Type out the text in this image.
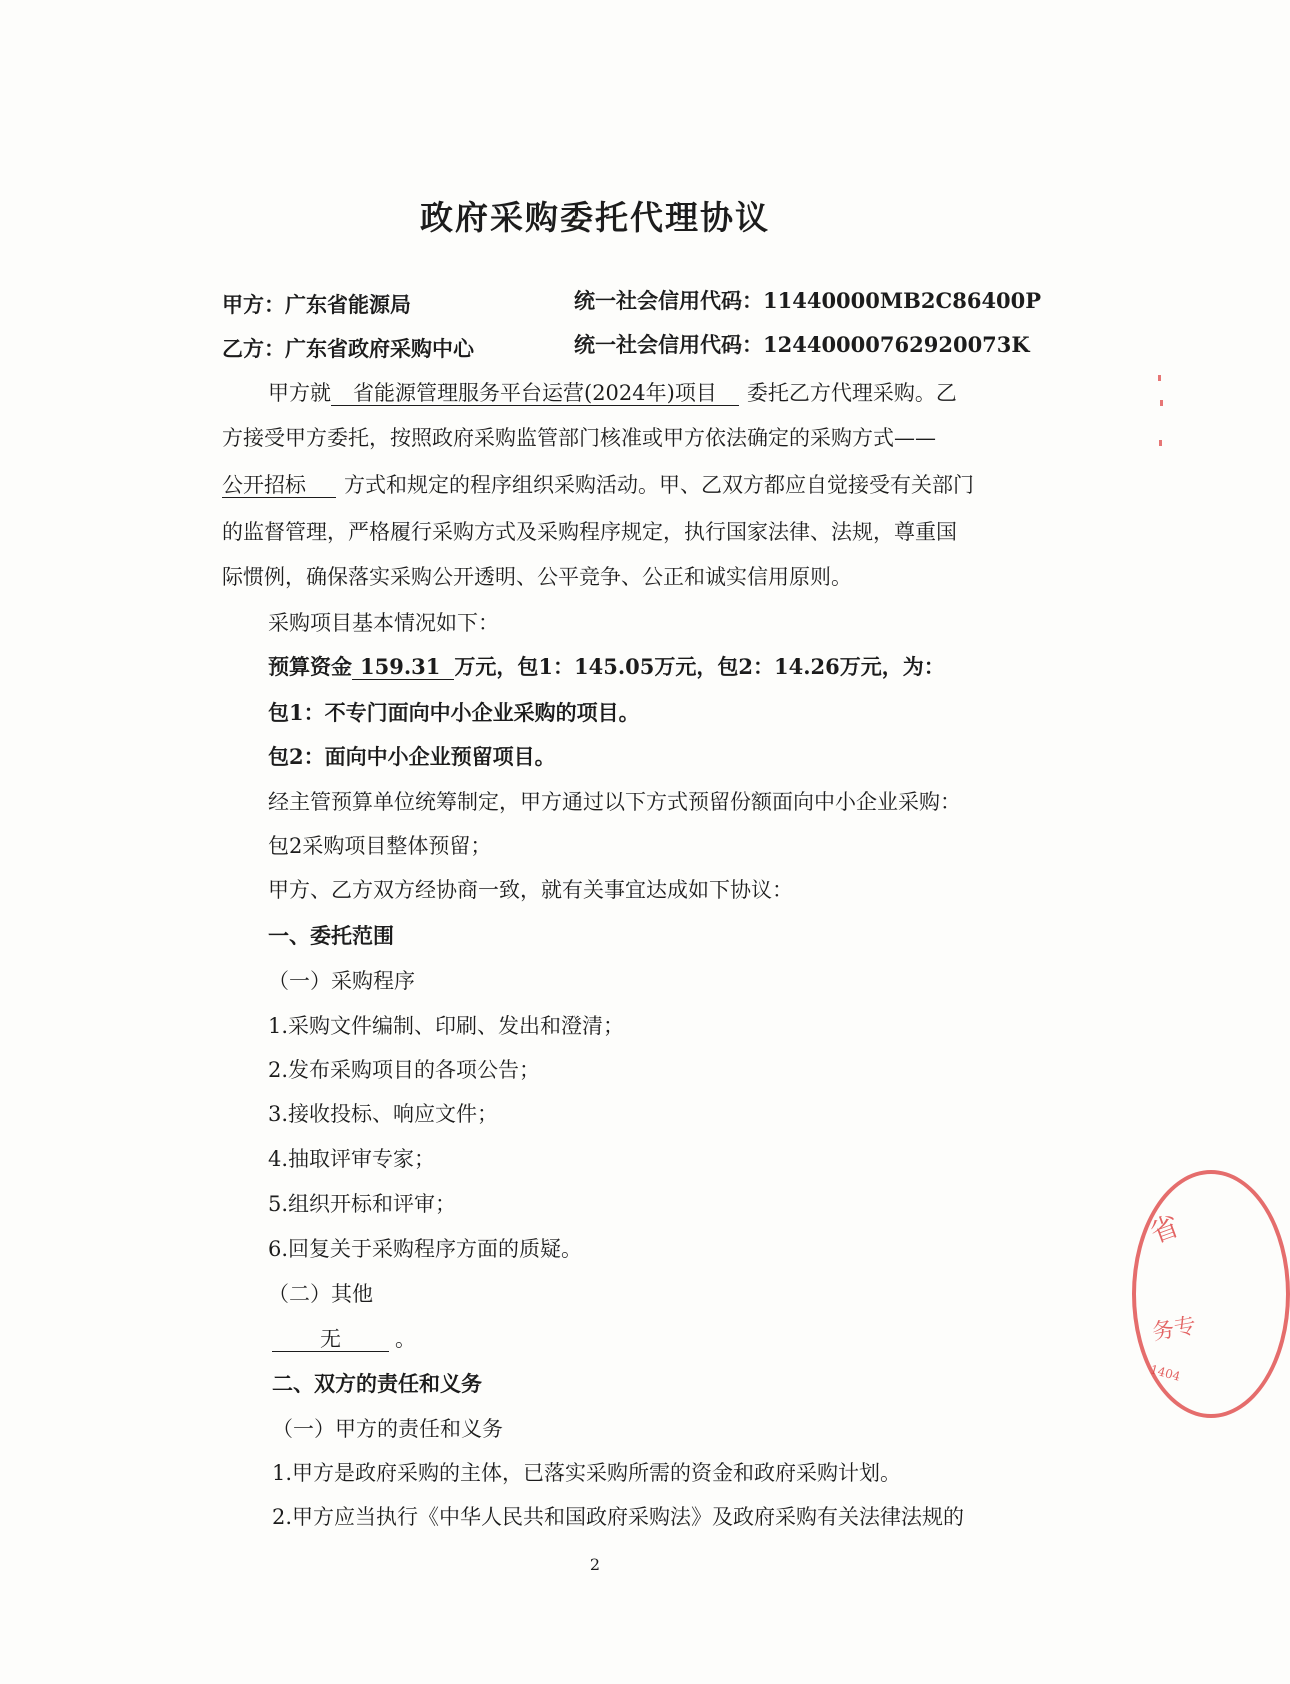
政府采购委托代理协议
甲方：广东省能源局	统一社会信用代码：11440000MB2C86400P
乙方：广东省政府采购中心	统一社会信用代码：12440000762920073K
甲方就 省能源管理服务平台运营(2024年)项目 委托乙方代理采购。乙
方接受甲方委托，按照政府采购监管部门核准或甲方依法确定的采购方式——
公开招标 方式和规定的程序组织采购活动。甲、乙双方都应自觉接受有关部门
的监督管理，严格履行采购方式及采购程序规定，执行国家法律、法规，尊重国
际惯例，确保落实采购公开透明、公平竞争、公正和诚实信用原则。
采购项目基本情况如下：
预算资金 159.31 万元，包1：145.05万元，包2：14.26万元，为：
包1：不专门面向中小企业采购的项目。
包2：面向中小企业预留项目。
经主管预算单位统筹制定，甲方通过以下方式预留份额面向中小企业采购：
包2采购项目整体预留；
甲方、乙方双方经协商一致，就有关事宜达成如下协议：
一、委托范围
（一）采购程序
1.采购文件编制、印刷、发出和澄清；
2.发布采购项目的各项公告；
3.接收投标、响应文件；
4.抽取评审专家；
5.组织开标和评审；
6.回复关于采购程序方面的质疑。
（二）其他
无	。
二、双方的责任和义务
（一）甲方的责任和义务
1.甲方是政府采购的主体，已落实采购所需的资金和政府采购计划。
2.甲方应当执行《中华人民共和国政府采购法》及政府采购有关法律法规的
2
省
务专
1404
